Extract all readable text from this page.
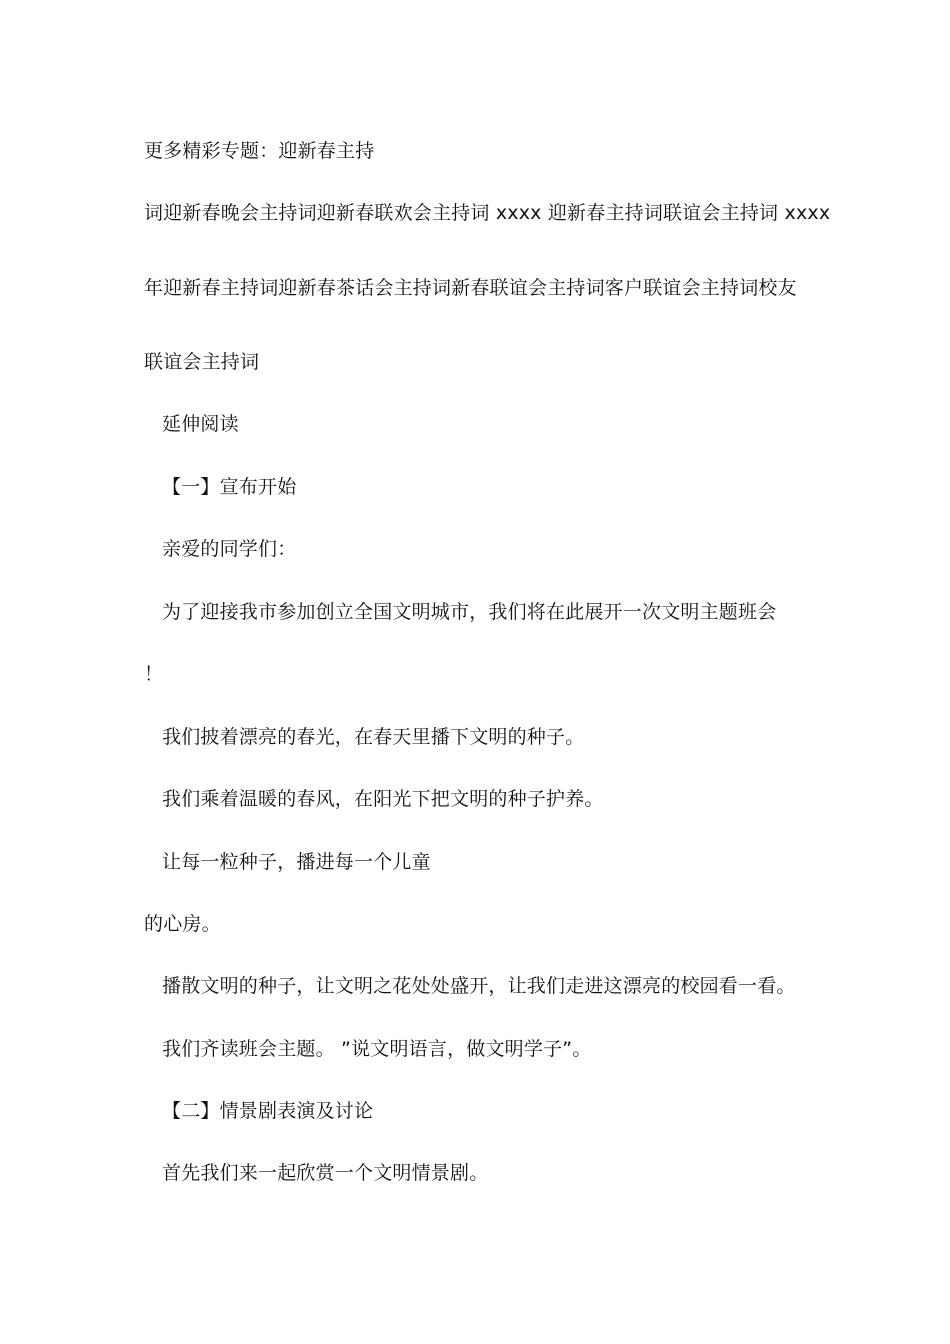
更多精彩专题：迎新春主持
词迎新春晚会主持词迎新春联欢会主持词 xxxx 迎新春主持词联谊会主持词 xxxx
年迎新春主持词迎新春茶话会主持词新春联谊会主持词客户联谊会主持词校友
联谊会主持词
延伸阅读
【一】宣布开始
亲爱的同学们：
为了迎接我市参加创立全国文明城市，我们将在此展开一次文明主题班会
！
我们披着漂亮的春光，在春天里播下文明的种子。
我们乘着温暖的春风，在阳光下把文明的种子护养。
让每一粒种子，播进每一个儿童
的心房。
播散文明的种子，让文明之花处处盛开，让我们走进这漂亮的校园看一看。
我们齐读班会主题。 ”说文明语言，做文明学子”。
【二】情景剧表演及讨论
首先我们来一起欣赏一个文明情景剧。
